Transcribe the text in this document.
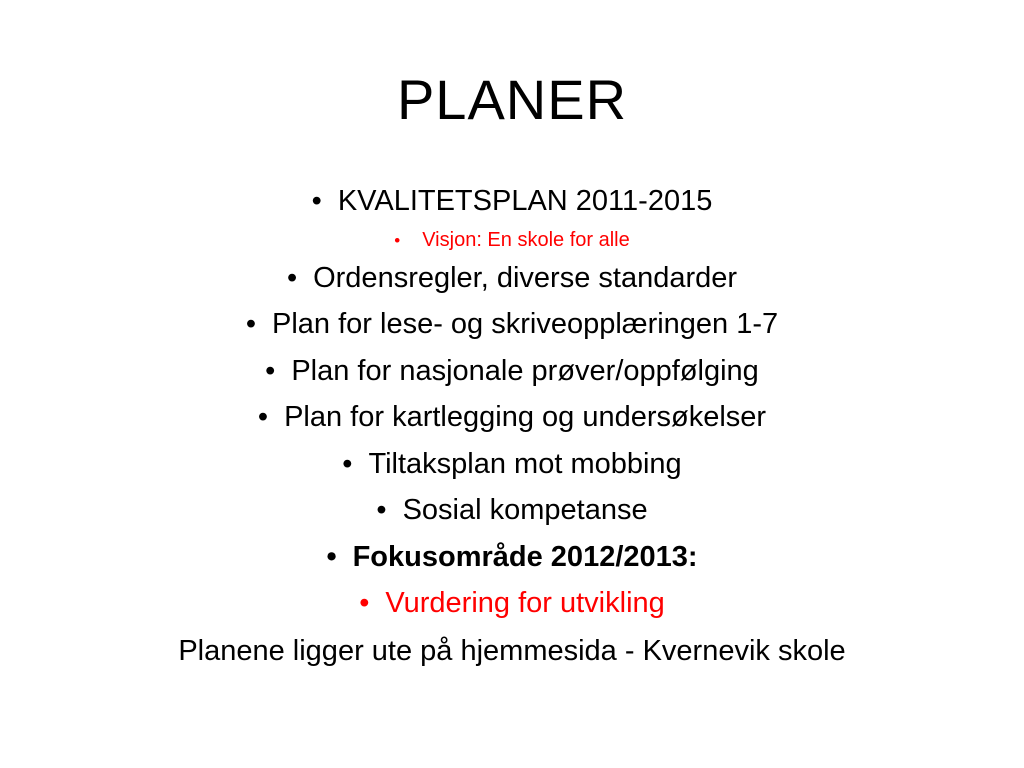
PLANER
• KVALITETSPLAN 2011-2015
• Visjon: En skole for alle
• Ordensregler, diverse standarder
• Plan for lese- og skriveopplæringen 1-7
• Plan for nasjonale prøver/oppfølging
• Plan for kartlegging og undersøkelser
• Tiltaksplan mot mobbing
• Sosial kompetanse
• Fokusområde 2012/2013:
• Vurdering for utvikling
Planene ligger ute på hjemmesida - Kvernevik skole
